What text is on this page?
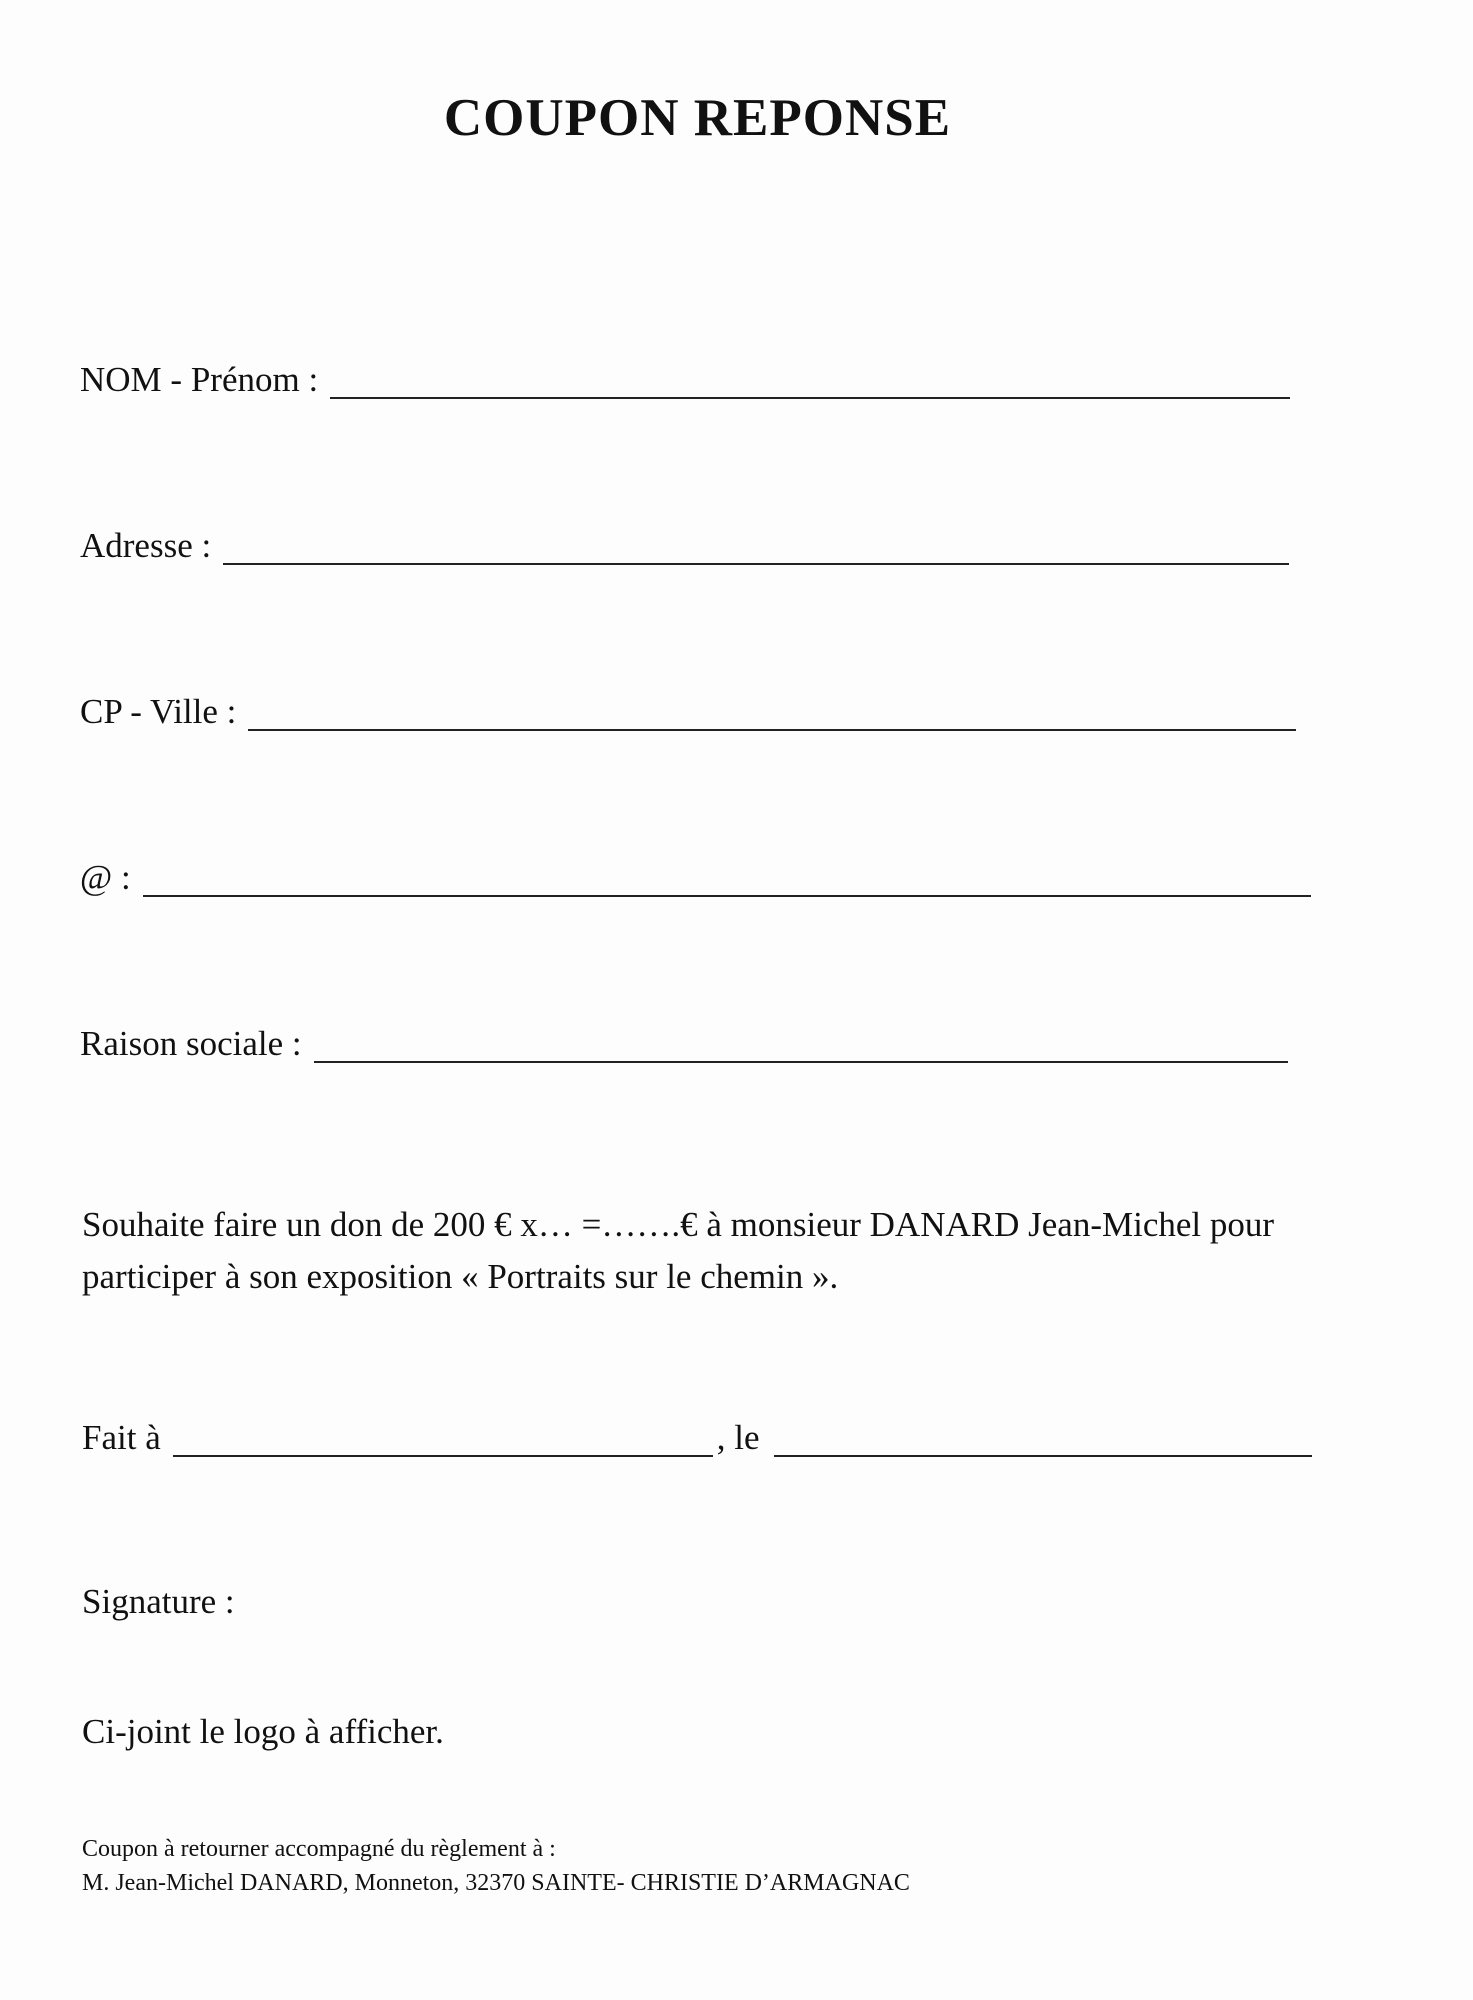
COUPON REPONSE
NOM - Prénom :
Adresse :
CP - Ville :
@ :
Raison sociale :
Souhaite faire un don de 200 € x… =…….€ à monsieur DANARD Jean-Michel pour
participer à son exposition « Portraits sur le chemin ».
Fait à	, le
Signature :
Ci-joint le logo à afficher.
Coupon à retourner accompagné du règlement à :
M. Jean-Michel DANARD, Monneton, 32370 SAINTE- CHRISTIE D’ARMAGNAC
